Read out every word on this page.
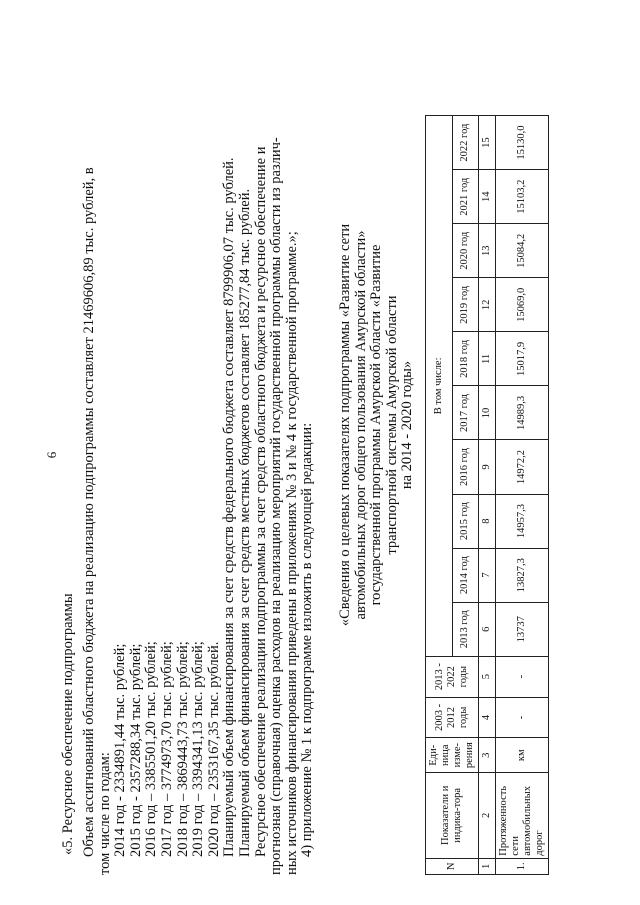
6
«5. Ресурсное обеспечение подпрограммы Объем ассигнований областного бюджета на реализацию подпрограммы составляет 21469606,89 тыс. рублей, в том числе по годам: 2014 год - 2334891,44 тыс. рублей; 2015 год - 2357288,34 тыс. рублей; 2016 год – 3385501,20 тыс. рублей; 2017 год – 3774973,70 тыс. рублей; 2018 год – 3869443,73 тыс. рублей; 2019 год – 3394341,13 тыс. рублей; 2020 год – 2353167,35 тыс. рублей. Планируемый объем финансирования за счет средств федерального бюджета составляет 8799906,07 тыс. рублей. Планируемый объем финансирования за счет средств местных бюджетов составляет 185277,84 тыс. рублей. Ресурсное обеспечение реализации подпрограммы за счет средств областного бюджета и ресурсное обеспечение и прогнозная (справочная) оценка расходов на реализацию мероприятий государственной программы области из различ- ных источников финансирования приведены в приложениях № 3 и № 4 к государственной программе.»; 4) приложение № 1 к подпрограмме изложить в следующей редакции: «Сведения о целевых показателях подпрограммы «Развитие сети автомобильных дорог общего пользования Амурской области» государственной программы Амурской области «Развитие транспортной системы Амурской области на 2014 - 2020 годы»
N	Показатели и индика-тора	Еди-ница изме-рения	2003 - 2012 годы	2013 - 2022 годы	В том числе:									
					2013 год	2014 год	2015 год	2016 год	2017 год	2018 год	2019 год	2020 год	2021 год	2022 год
1	2	3	4	5	6	7	8	9	10	11	12	13	14	15
1.	Протяженность сети автомобильных дорог	км	-	-	13737	13827,3	14957,3	14972,2	14989,3	15017,9	15069,0	15084,2	15103,2	15130,0
